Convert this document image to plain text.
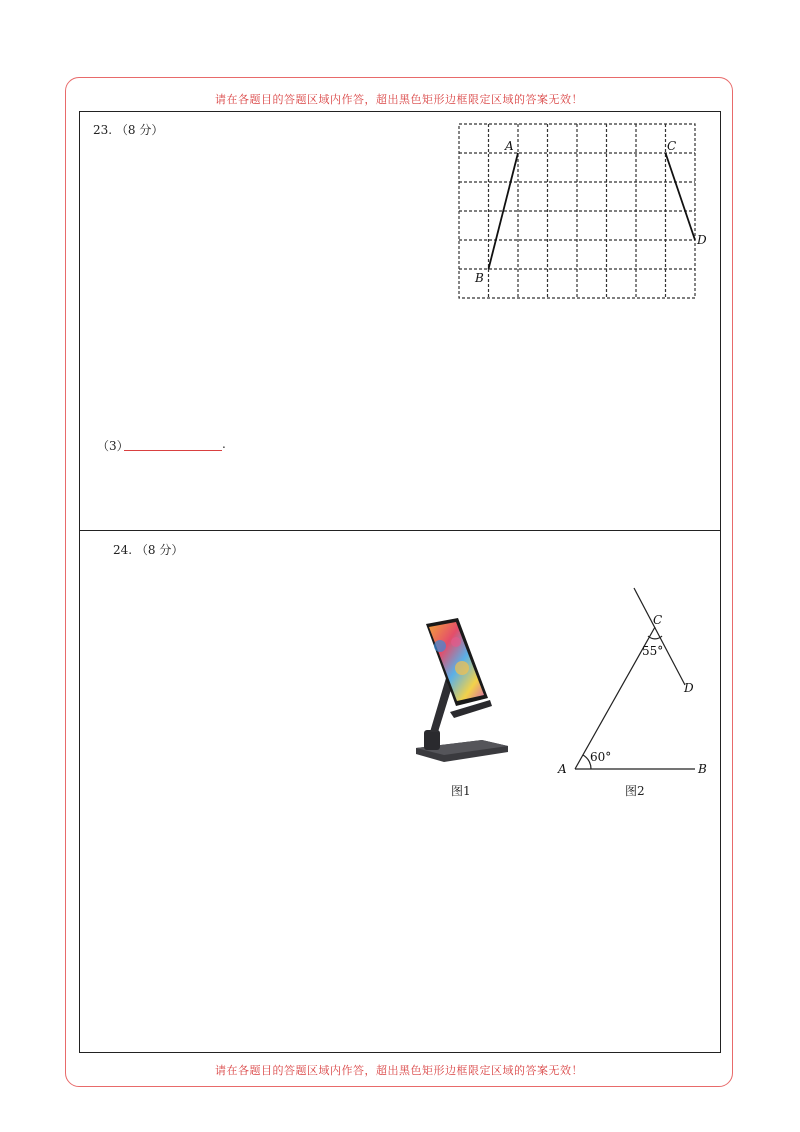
请在各题目的答题区域内作答，超出黑色矩形边框限定区域的答案无效！
请在各题目的答题区域内作答，超出黑色矩形边框限定区域的答案无效！
23. （8 分）
A
B
C
D
（3）	.
24. （8 分）
A	B
C
D
60°
55°
图1	图2
